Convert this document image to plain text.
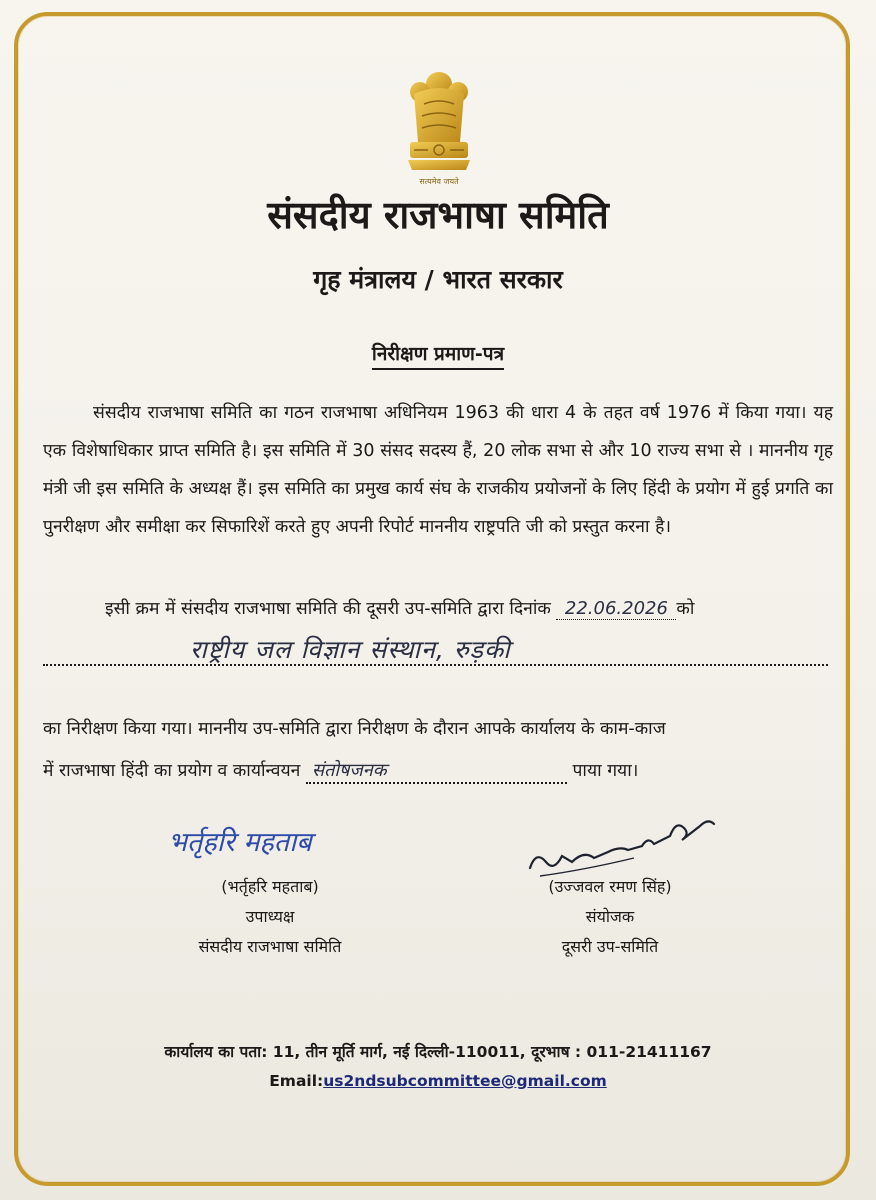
सत्यमेव जयते
संसदीय राजभाषा समिति
गृह मंत्रालय / भारत सरकार
निरीक्षण प्रमाण-पत्र
संसदीय राजभाषा समिति का गठन राजभाषा अधिनियम 1963 की धारा 4 के तहत वर्ष 1976 में किया गया। यह एक विशेषाधिकार प्राप्त समिति है। इस समिति में 30 संसद सदस्य हैं, 20 लोक सभा से और 10 राज्य सभा से । माननीय गृह मंत्री जी इस समिति के अध्यक्ष हैं। इस समिति का प्रमुख कार्य संघ के राजकीय प्रयोजनों के लिए हिंदी के प्रयोग में हुई प्रगति का पुनरीक्षण और समीक्षा कर सिफारिशें करते हुए अपनी रिपोर्ट माननीय राष्ट्रपति जी को प्रस्तुत करना है।
इसी क्रम में संसदीय राजभाषा समिति की दूसरी उप-समिति द्वारा दिनांक 22.06.2026 को
राष्ट्रीय जल विज्ञान संस्थान, रुड़की
का निरीक्षण किया गया। माननीय उप-समिति द्वारा निरीक्षण के दौरान आपके कार्यालय के काम-काज
में राजभाषा हिंदी का प्रयोग व कार्यान्वयन संतोषजनक	पाया गया।
भर्तृहरि महताब
(भर्तृहरि महताब)
उपाध्यक्ष
संसदीय राजभाषा समिति
(उज्जवल रमण सिंह)
संयोजक
दूसरी उप-समिति
कार्यालय का पता: 11, तीन मूर्ति मार्ग, नई दिल्ली-110011, दूरभाष : 011-21411167
Email:us2ndsubcommittee@gmail.com
